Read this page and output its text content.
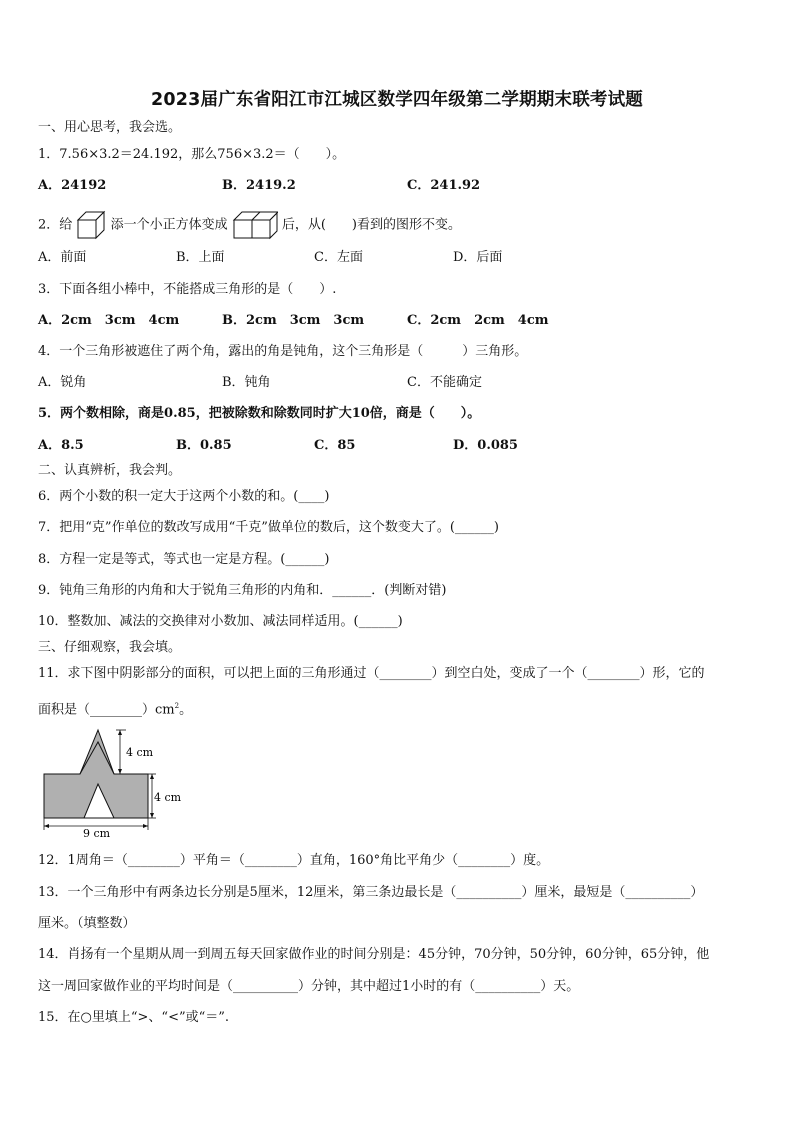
2023届广东省阳江市江城区数学四年级第二学期期末联考试题
一、用心思考，我会选。
1．7.56×3.2＝24.192，那么756×3.2＝（　　）。
A．24192	B．2419.2	C．241.92
2．给	添一个小正方体变成	后，从(　　)看到的图形不变。
A．前面	B．上面	C．左面	D．后面
3．下面各组小棒中，不能搭成三角形的是（　　）.
A．2cm　3cm　4cm	B．2cm　3cm　3cm	C．2cm　2cm　4cm
4．一个三角形被遮住了两个角，露出的角是钝角，这个三角形是（　　　）三角形。
A．锐角	B．钝角	C．不能确定
5．两个数相除，商是0.85，把被除数和除数同时扩大10倍，商是（　　）。
A．8.5	B．0.85	C．85	D．0.085
二、认真辨析，我会判。
6．两个小数的积一定大于这两个小数的和。(____)
7．把用“克”作单位的数改写成用“千克”做单位的数后，这个数变大了。(______)
8．方程一定是等式，等式也一定是方程。(______)
9．钝角三角形的内角和大于锐角三角形的内角和．______．(判断对错)
10．整数加、减法的交换律对小数加、减法同样适用。(______)
三、仔细观察，我会填。
11．求下图中阴影部分的面积，可以把上面的三角形通过（________）到空白处，变成了一个（________）形，它的
面积是$(\_\_\_\_\_\_\_\_)cm^2$。
4 cm
4 cm
9 cm
12．1周角＝（________）平角＝（________）直角，160°角比平角少（________）度。
13．一个三角形中有两条边长分别是5厘米，12厘米，第三条边最长是（__________）厘米，最短是（__________）
厘米。（填整数）
14．肖扬有一个星期从周一到周五每天回家做作业的时间分别是：45分钟，70分钟，50分钟，60分钟，65分钟，他
这一周回家做作业的平均时间是（__________）分钟，其中超过1小时的有（__________）天。
15．在○里填上“>、“<”或“＝”.
